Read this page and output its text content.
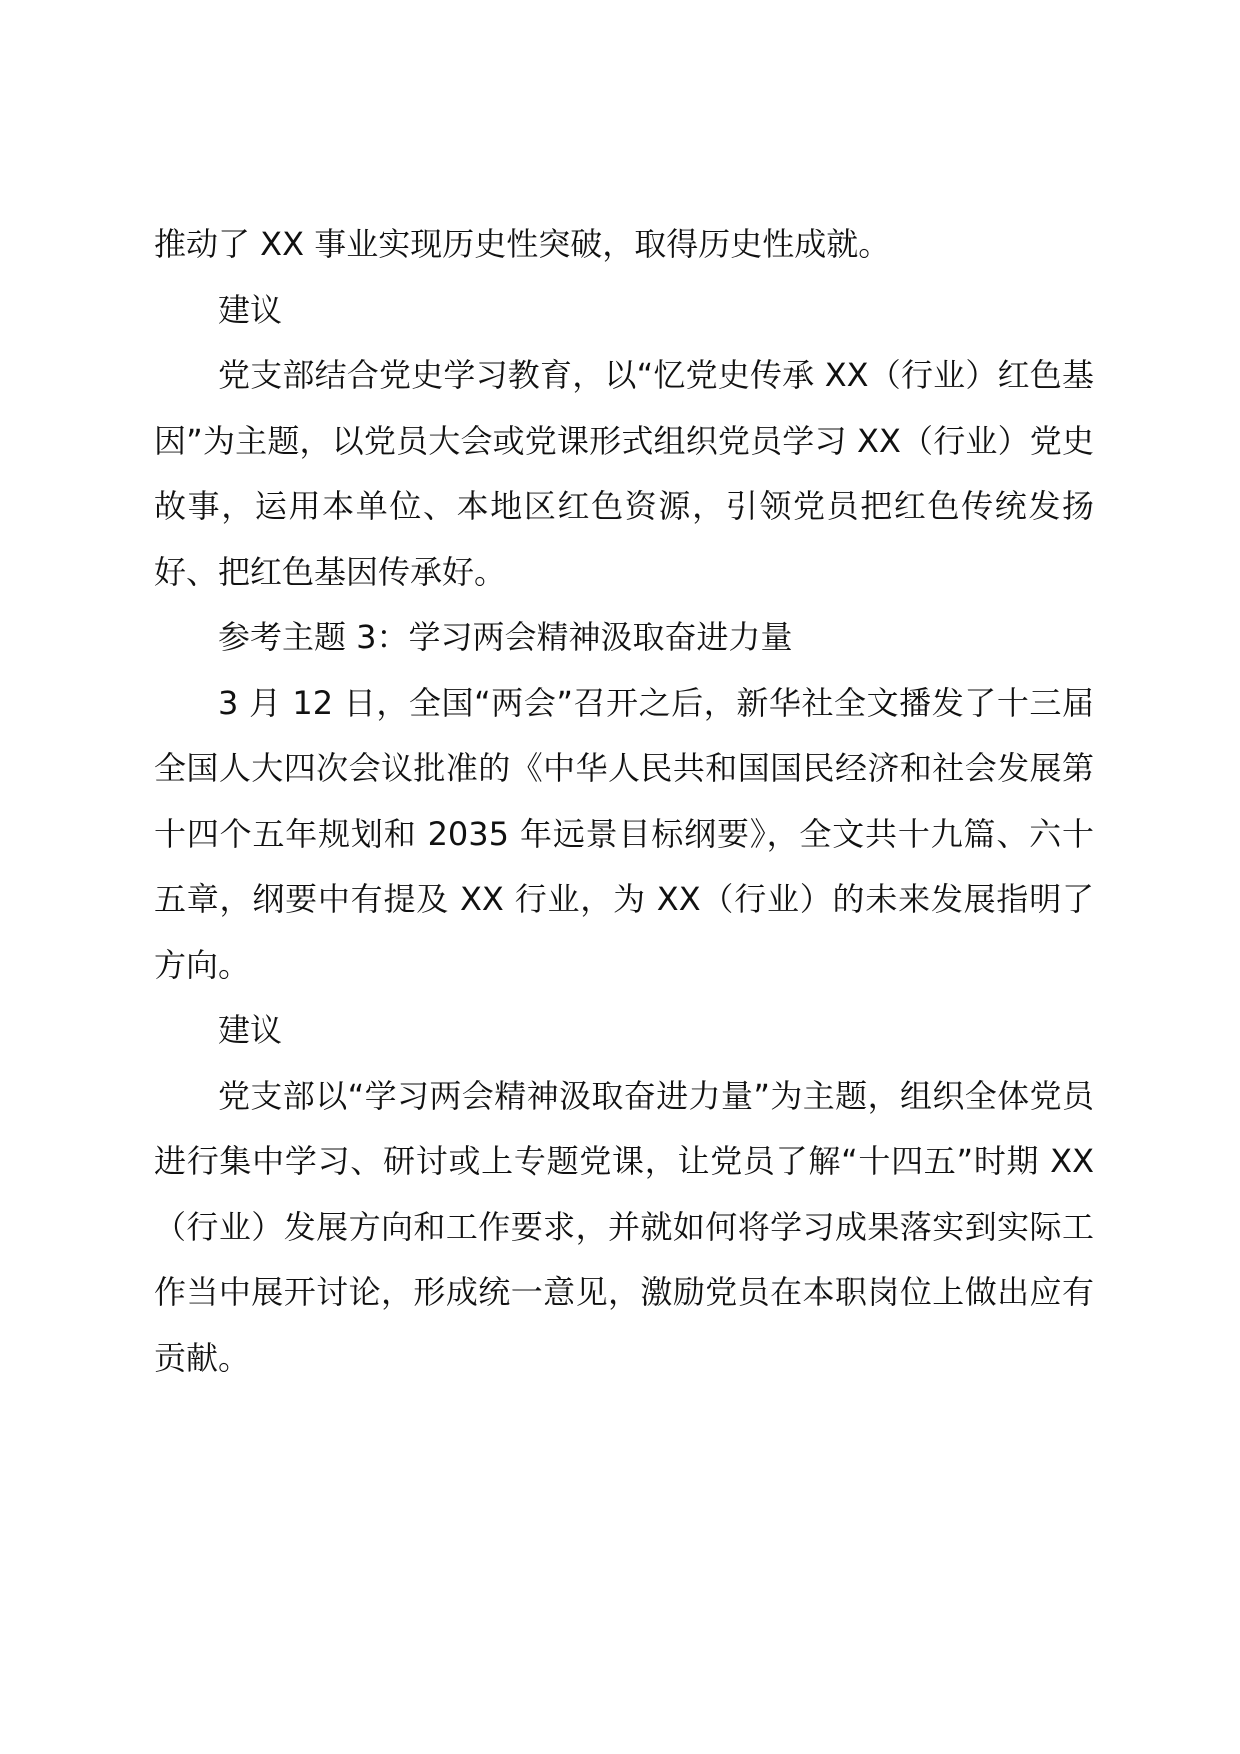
推动了 XX 事业实现历史性突破，取得历史性成就。

建议

党支部结合党史学习教育，以“忆党史传承 XX（行业）红色基因”为主题，以党员大会或党课形式组织党员学习 XX（行业）党史故事，运用本单位、本地区红色资源，引领党员把红色传统发扬好、把红色基因传承好。

参考主题 3：学习两会精神汲取奋进力量

3 月 12 日，全国“两会”召开之后，新华社全文播发了十三届全国人大四次会议批准的《中华人民共和国国民经济和社会发展第十四个五年规划和 2035 年远景目标纲要》，全文共十九篇、六十五章，纲要中有提及 XX 行业，为 XX（行业）的未来发展指明了方向。

建议

党支部以“学习两会精神汲取奋进力量”为主题，组织全体党员进行集中学习、研讨或上专题党课，让党员了解“十四五”时期 XX（行业）发展方向和工作要求，并就如何将学习成果落实到实际工作当中展开讨论，形成统一意见，激励党员在本职岗位上做出应有贡献。
